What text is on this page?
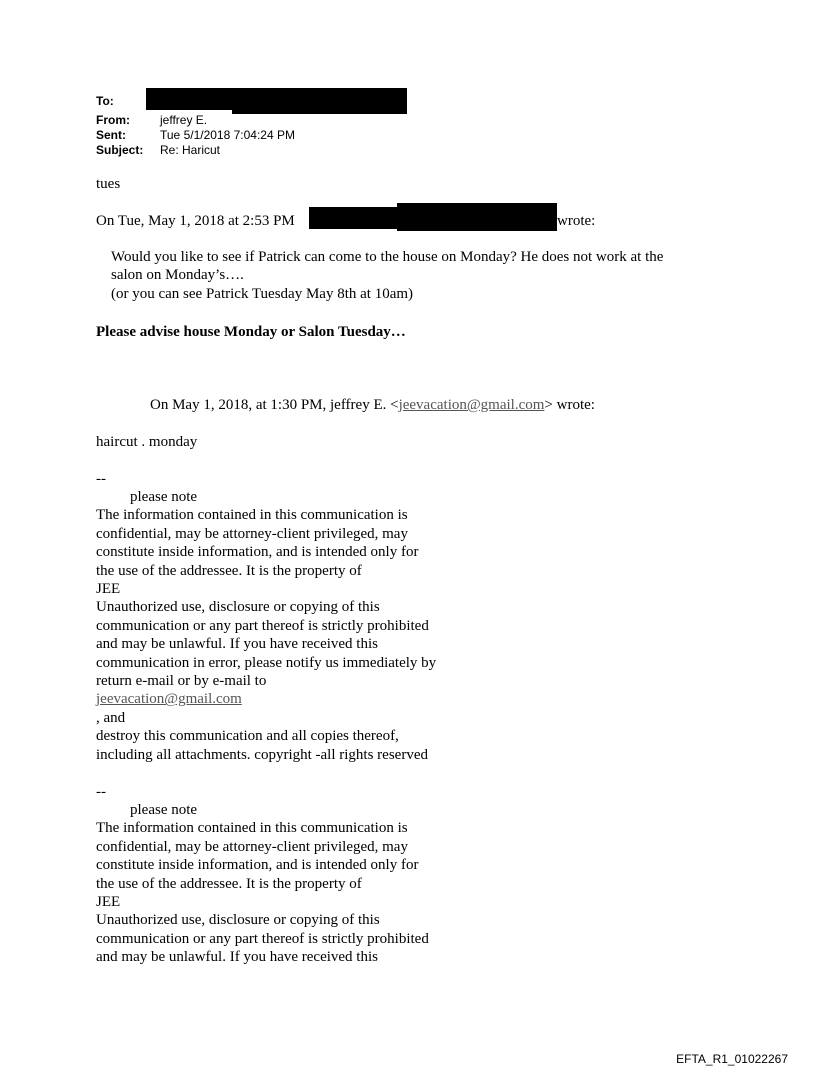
To:
From:	jeffrey E.
Sent:	Tue 5/1/2018 7:04:24 PM
Subject: Re: Haricut
tues
On Tue, May 1, 2018 at 2:53 PM	wrote:
Would you like to see if Patrick can come to the house on Monday? He does not work at the
salon on Monday’s….
(or you can see Patrick Tuesday May 8th at 10am)
Please advise house Monday or Salon Tuesday…
On May 1, 2018, at 1:30 PM, jeffrey E. <jeevacation@gmail.com> wrote:
haircut . monday
--
please note
The information contained in this communication is
confidential, may be attorney-client privileged, may
constitute inside information, and is intended only for
the use of the addressee. It is the property of
JEE
Unauthorized use, disclosure or copying of this
communication or any part thereof is strictly prohibited
and may be unlawful. If you have received this
communication in error, please notify us immediately by
return e-mail or by e-mail to
jeevacation@gmail.com
, and
destroy this communication and all copies thereof,
including all attachments. copyright -all rights reserved
--
please note
The information contained in this communication is
confidential, may be attorney-client privileged, may
constitute inside information, and is intended only for
the use of the addressee. It is the property of
JEE
Unauthorized use, disclosure or copying of this
communication or any part thereof is strictly prohibited
and may be unlawful. If you have received this
EFTA_R1_01022267
